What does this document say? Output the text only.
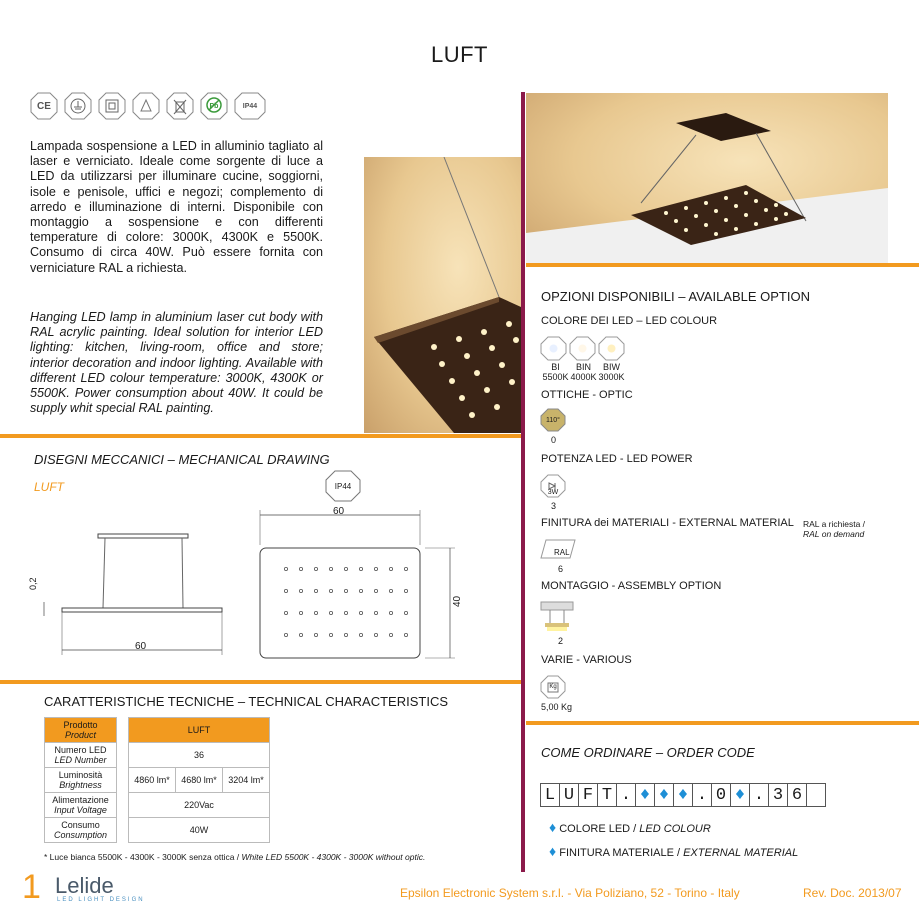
LUFT
CE	Pb	IP44
Lampada sospensione a LED in alluminio tagliato al laser e verniciato. Ideale come sorgente di luce a LED da utilizzarsi per illuminare cucine, soggiorni, isole e penisole, uffici e negozi; complemento di arredo e illuminazione di interni. Disponibile con montaggio a sospensione e con differenti temperature di colore: 3000K, 4300K e 5500K. Consumo di circa 40W. Può essere fornita con verniciature RAL a richiesta.
Hanging LED lamp in aluminium laser cut body with RAL acrylic painting. Ideal solution for interior LED lighting: kitchen, living-room, office and store; interior decoration and indoor lighting. Available with different LED colour temperature: 3000K, 4300K or 5500K. Power consumption about 40W. It could be supply whit special RAL painting.
DISEGNI MECCANICI – MECHANICAL DRAWING
LUFT	IP44
60
0,2
60
40
OPZIONI DISPONIBILI – AVAILABLE OPTION
COLORE DEI LED – LED COLOUR
BI
5500K
BIN
4000K
BIW
3000K
OTTICHE - OPTIC
110°
0
POTENZA LED - LED POWER
3W
3
FINITURA dei MATERIALI - EXTERNAL MATERIAL RAL a richiesta /
RAL on demand
$_{RAL}$
6
MONTAGGIO - ASSEMBLY OPTION
2
VARIE - VARIOUS
Kg
5,00 Kg
CARATTERISTICHE TECNICHE – TECHNICAL CHARACTERISTICS
Prodotto
Product		LUFT		
Numero LED
LED Number		36		
Luminosità
Brightness		4860 lm*	4680 lm*	3204 lm*
Alimentazione
Input Voltage		220Vac		
Consumo
Consumption		40W		
* Luce bianca 5500K - 4300K - 3000K senza ottica / White LED 5500K - 4300K - 3000K without optic.
COME ORDINARE – ORDER CODE
L U F T . ♦ ♦ ♦ . 0 ♦ . 3 6
♦ COLORE LED / LED COLOUR
♦ FINITURA MATERIALE / EXTERNAL MATERIAL
1 Lelide
LED LIGHT DESIGN	Epsilon Electronic System s.r.l. - Via Poliziano, 52 - Torino - Italy	Rev. Doc. 2013/07
